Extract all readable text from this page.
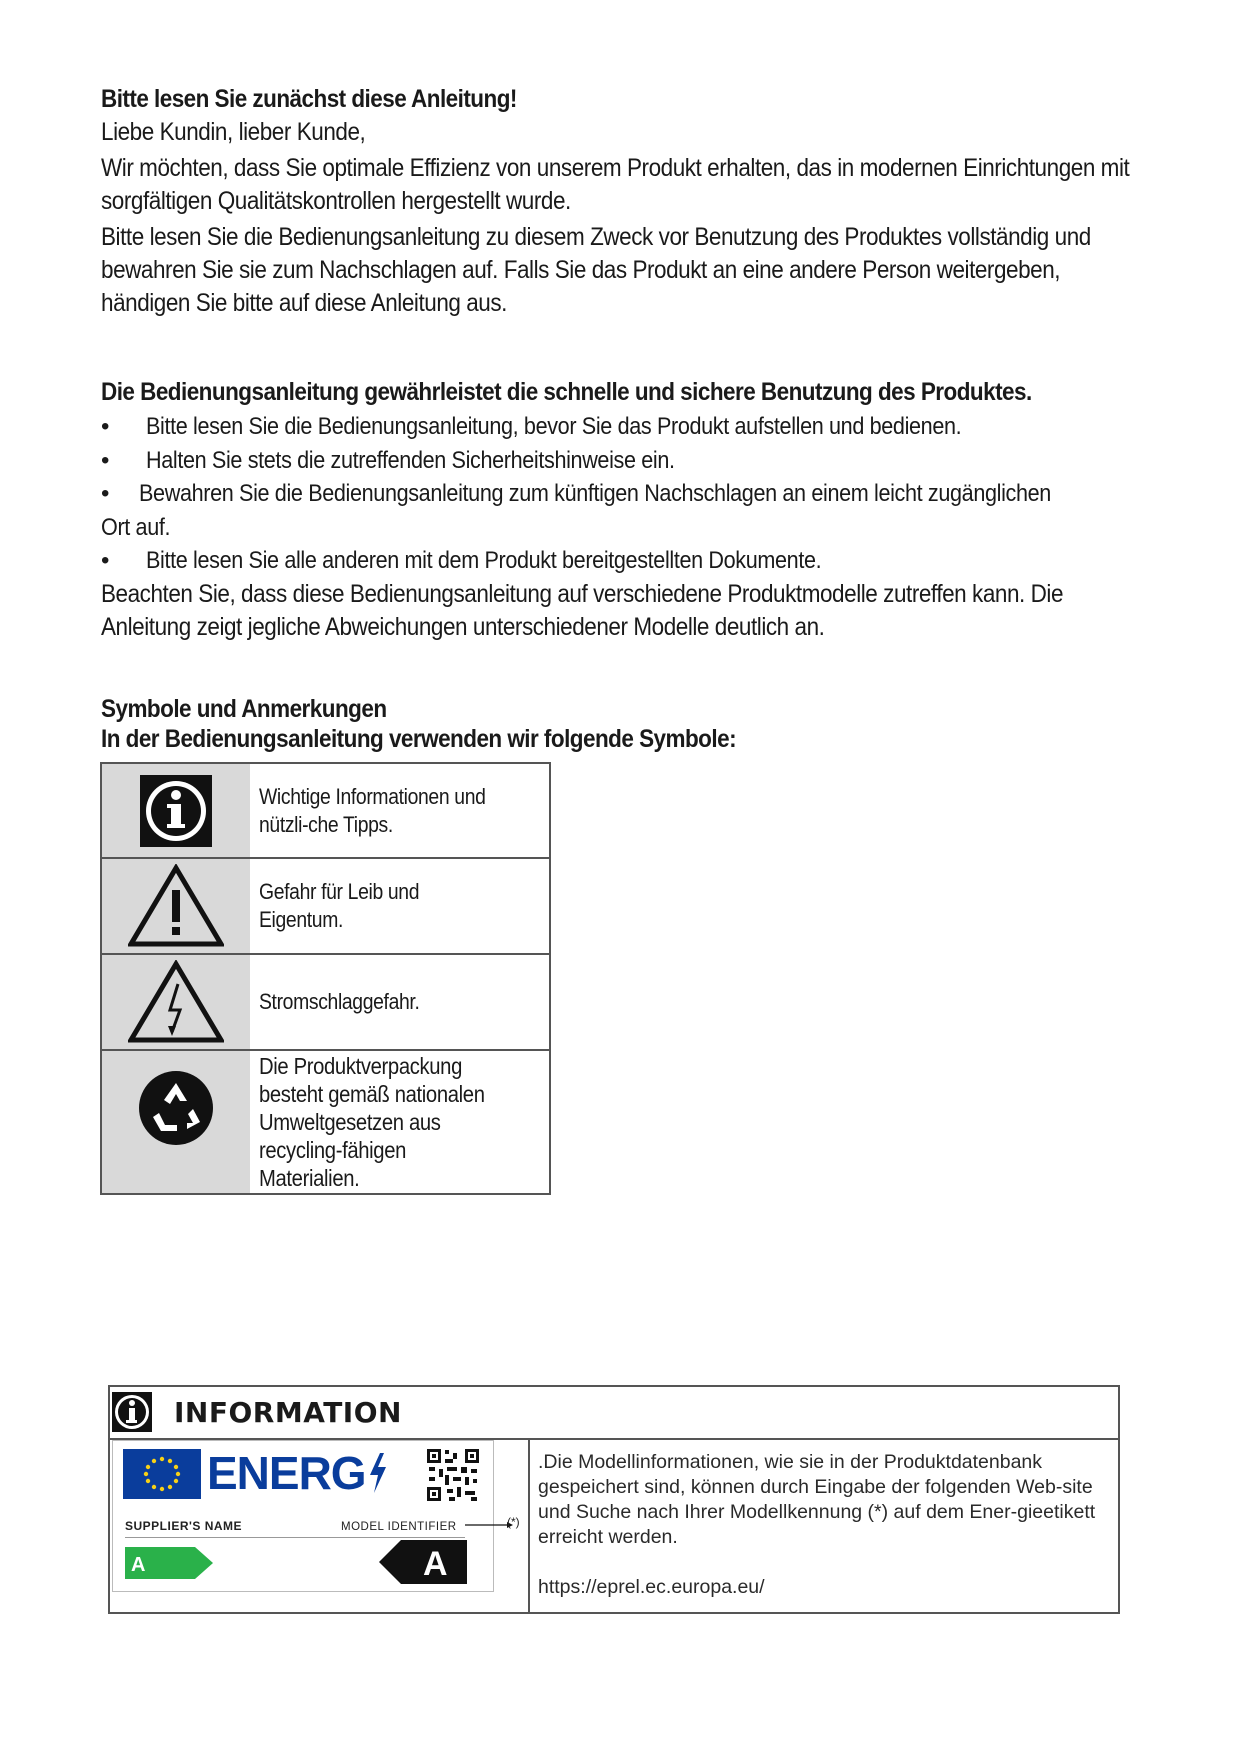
Bitte lesen Sie zunächst diese Anleitung!

Liebe Kundin, lieber Kunde,

Wir möchten, dass Sie optimale Effizienz von unserem Produkt erhalten, das in modernen Einrichtungen mit sorgfältigen Qualitätskontrollen hergestellt wurde.

Bitte lesen Sie die Bedienungsanleitung zu diesem Zweck vor Benutzung des Produktes vollständig und bewahren Sie sie zum Nachschlagen auf. Falls Sie das Produkt an eine andere Person weitergeben, händigen Sie bitte auf diese Anleitung aus.

Die Bedienungsanleitung gewährleistet die schnelle und sichere Benutzung des Produktes.
• Bitte lesen Sie die Bedienungsanleitung, bevor Sie das Produkt aufstellen und bedienen.
• Halten Sie stets die zutreffenden Sicherheitshinweise ein.
• Bewahren Sie die Bedienungsanleitung zum künftigen Nachschlagen an einem leicht zugänglichen
Ort auf.
• Bitte lesen Sie alle anderen mit dem Produkt bereitgestellten Dokumente.

Beachten Sie, dass diese Bedienungsanleitung auf verschiedene Produktmodelle zutreffen kann. Die Anleitung zeigt jegliche Abweichungen unterschiedener Modelle deutlich an.

Symbole und Anmerkungen
In der Bedienungsanleitung verwenden wir folgende Symbole:
Wichtige Informationen und nützli-che Tipps.
Gefahr für Leib und Eigentum.
Stromschlaggefahr.
Die Produktverpackung besteht gemäß nationalen Umweltgesetzen aus recycling-fähigen Materialien.
INFORMATION
ENERG
SUPPLIER'S NAME	MODEL IDENTIFIER
A	A
(*)
.Die Modellinformationen, wie sie in der Produktdatenbank gespeichert sind, können durch Eingabe der folgenden Web-site und Suche nach Ihrer Modellkennung (*) auf dem Ener-gieetikett erreicht werden.
https://eprel.ec.europa.eu/
